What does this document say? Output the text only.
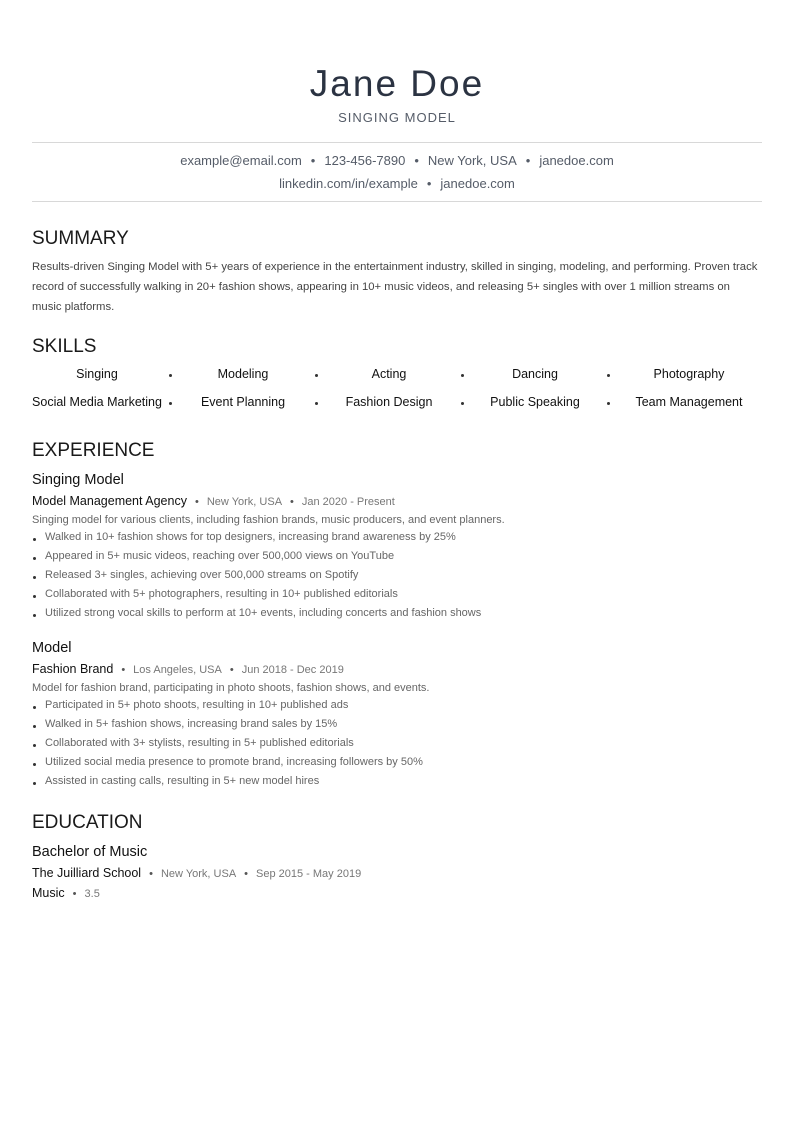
Jane Doe
SINGING MODEL
example@email.com • 123-456-7890 • New York, USA • janedoe.com
linkedin.com/in/example • janedoe.com
SUMMARY
Results-driven Singing Model with 5+ years of experience in the entertainment industry, skilled in singing, modeling, and performing. Proven track record of successfully walking in 20+ fashion shows, appearing in 10+ music videos, and releasing 5+ singles with over 1 million streams on music platforms.
SKILLS
Singing	Modeling	Acting	Dancing	Photography
Social Media Marketing	Event Planning	Fashion Design	Public Speaking	Team Management
EXPERIENCE
Singing Model
Model Management Agency • New York, USA • Jan 2020 - Present
Singing model for various clients, including fashion brands, music producers, and event planners.
Walked in 10+ fashion shows for top designers, increasing brand awareness by 25%
Appeared in 5+ music videos, reaching over 500,000 views on YouTube
Released 3+ singles, achieving over 500,000 streams on Spotify
Collaborated with 5+ photographers, resulting in 10+ published editorials
Utilized strong vocal skills to perform at 10+ events, including concerts and fashion shows
Model
Fashion Brand • Los Angeles, USA • Jun 2018 - Dec 2019
Model for fashion brand, participating in photo shoots, fashion shows, and events.
Participated in 5+ photo shoots, resulting in 10+ published ads
Walked in 5+ fashion shows, increasing brand sales by 15%
Collaborated with 3+ stylists, resulting in 5+ published editorials
Utilized social media presence to promote brand, increasing followers by 50%
Assisted in casting calls, resulting in 5+ new model hires
EDUCATION
Bachelor of Music
The Juilliard School • New York, USA • Sep 2015 - May 2019
Music • 3.5
